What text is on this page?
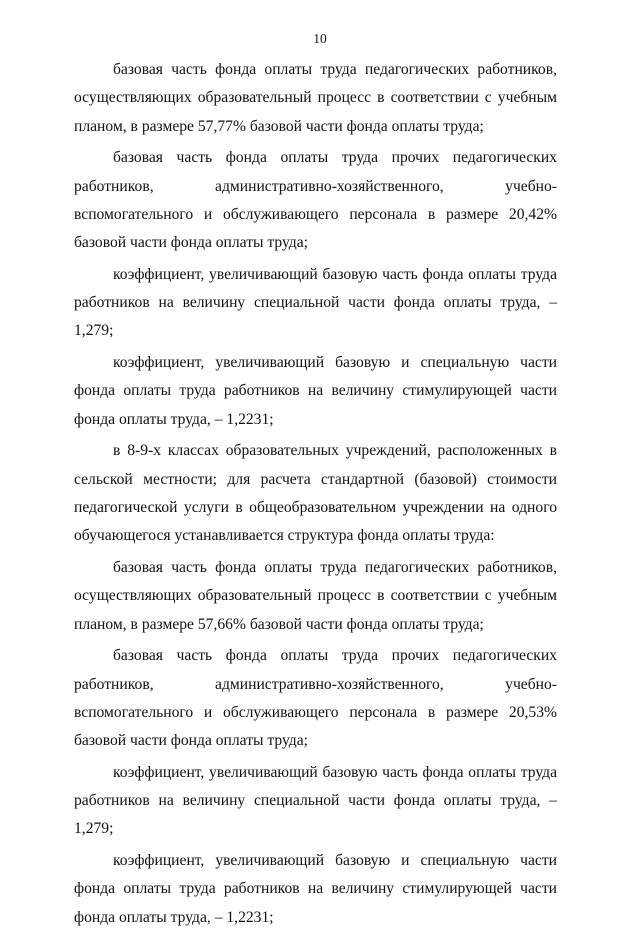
10

базовая часть фонда оплаты труда педагогических работников, осуществляющих образовательный процесс в соответствии с учебным планом, в размере 57,77% базовой части фонда оплаты труда;

базовая часть фонда оплаты труда прочих педагогических работников, административно-хозяйственного, учебно-вспомогательного и обслуживающего персонала в размере 20,42% базовой части фонда оплаты труда;

коэффициент, увеличивающий базовую часть фонда оплаты труда работников на величину специальной части фонда оплаты труда, – 1,279;

коэффициент, увеличивающий базовую и специальную части фонда оплаты труда работников на величину стимулирующей части фонда оплаты труда, – 1,2231;

в 8-9-х классах образовательных учреждений, расположенных в сельской местности; для расчета стандартной (базовой) стоимости педагогической услуги в общеобразовательном учреждении на одного обучающегося устанавливается структура фонда оплаты труда:

базовая часть фонда оплаты труда педагогических работников, осуществляющих образовательный процесс в соответствии с учебным планом, в размере 57,66% базовой части фонда оплаты труда;

базовая часть фонда оплаты труда прочих педагогических работников, административно-хозяйственного, учебно-вспомогательного и обслуживающего персонала в размере 20,53% базовой части фонда оплаты труда;

коэффициент, увеличивающий базовую часть фонда оплаты труда работников на величину специальной части фонда оплаты труда, – 1,279;

коэффициент, увеличивающий базовую и специальную части фонда оплаты труда работников на величину стимулирующей части фонда оплаты труда, – 1,2231;
